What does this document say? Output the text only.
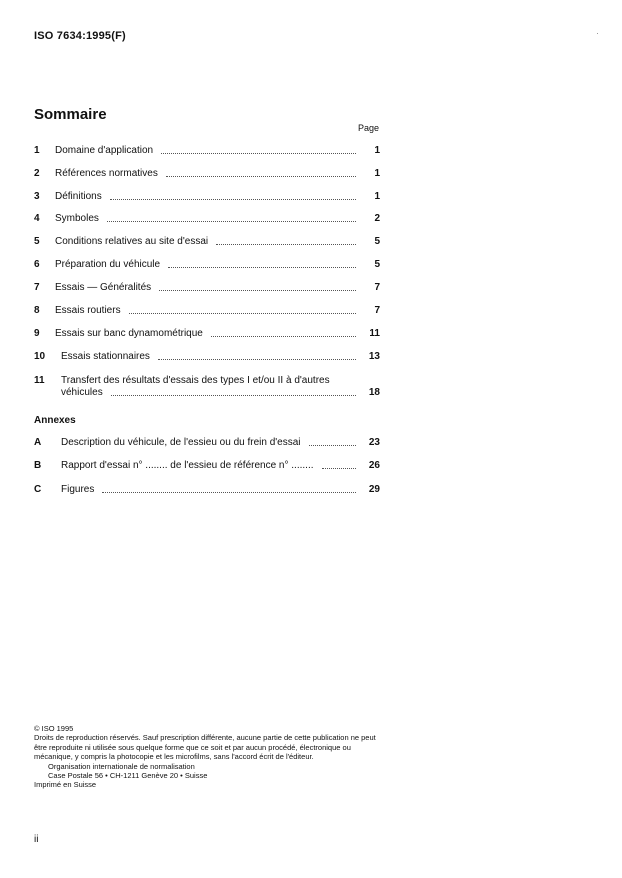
ISO 7634:1995(F)
Sommaire
Page
1	Domaine d'application	1
2	Références normatives	1
3	Définitions	1
4	Symboles	2
5	Conditions relatives au site d'essai	5
6	Préparation du véhicule	5
7	Essais — Généralités	7
8	Essais routiers	7
9	Essais sur banc dynamométrique	11
10	Essais stationnaires	13
11	Transfert des résultats d'essais des types I et/ou II à d'autres
véhicules	18
A	Description du véhicule, de l'essieu ou du frein d'essai	23
B	Rapport d'essai n° ........ de l'essieu de référence n° ........	26
C	Figures	29
Annexes

© ISO 1995

Droits de reproduction réservés. Sauf prescription différente, aucune partie de cette publication ne peut être reproduite ni utilisée sous quelque forme que ce soit et par aucun procédé, électronique ou mécanique, y compris la photocopie et les microfilms, sans l'accord écrit de l'éditeur.

Organisation internationale de normalisation

Case Postale 56 • CH-1211 Genève 20 • Suisse

Imprimé en Suisse

ii
